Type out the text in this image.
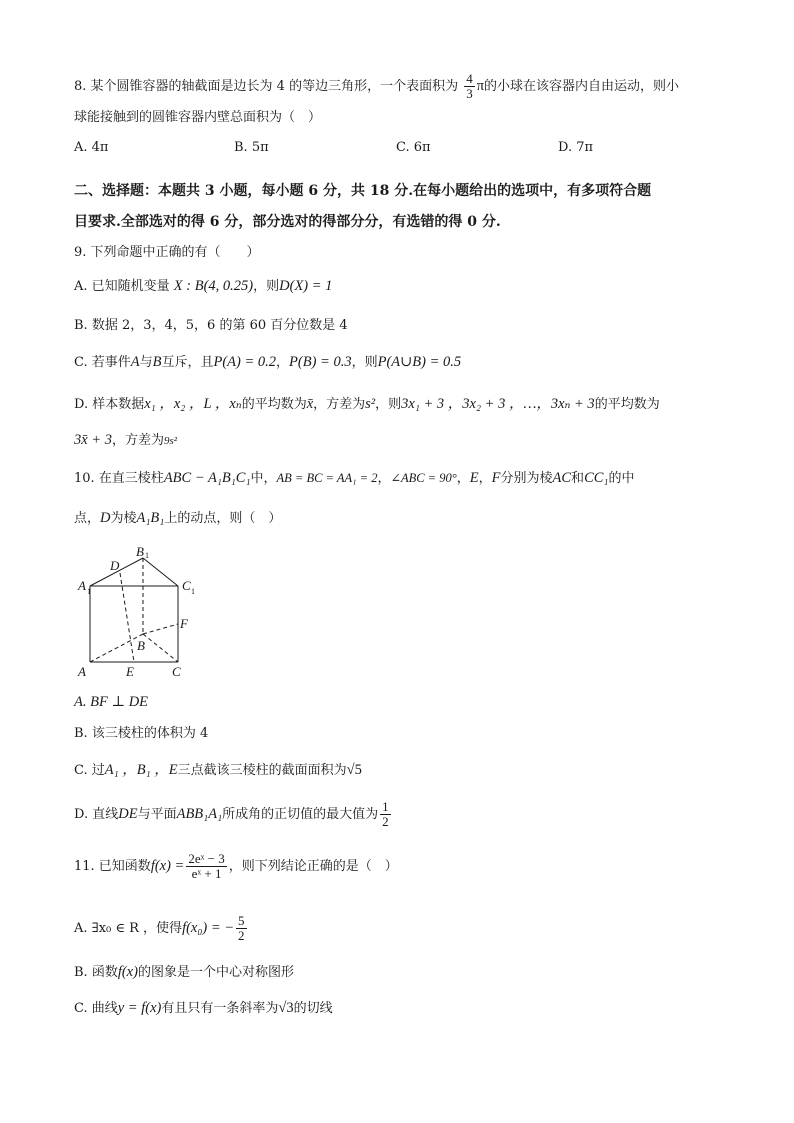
8. 某个圆锥容器的轴截面是边长为 4 的等边三角形，一个表面积为 $\frac{4}{3}$ π的小球在该容器内自由运动，则小
球能接触到的圆锥容器内壁总面积为（　）
A. 4π	B. 5π	C. 6π	D. 7π
二、选择题：本题共 3 小题，每小题 6 分，共 18 分.在每小题给出的选项中，有多项符合题
目要求.全部选对的得 6 分，部分选对的得部分分，有选错的得 0 分.
9. 下列命题中正确的有（　　）
A. 已知随机变量 X : B(4, 0.25)，则D(X) = 1
B. 数据 2，3，4，5，6 的第 60 百分位数是 4
C. 若事件A与B互斥，且P(A) = 0.2，P(B) = 0.3，则P(A∪B) = 0.5
D. 样本数据x₁ ，x₂ ，L ，xₙ的平均数为x̄，方差为s²，则3x₁ + 3 ，3x₂ + 3 ，…，3xₙ + 3的平均数为
3x̄ + 3，方差为9s²
10. 在直三棱柱ABC − A₁B₁C₁中，AB = BC = AA₁ = 2，∠ABC = 90°，E，F分别为棱AC和CC₁的中
点，D为棱A₁B₁上的动点，则（　）
A 1
B 1
C 1
D
F
B
A	E	C
A. BF ⊥ DE
B. 该三棱柱的体积为 4
C. 过A₁ ，B₁ ，E三点截该三棱柱的截面面积为√5
D. 直线DE与平面ABB₁A₁所成角的正切值的最大值为 $\frac{1}{2}$
11. 已知函数$f(x) = \frac{\text{2eˣ − 3}}{\text{eˣ + 1}}$ ，则下列结论正确的是（　）
A. ∃x₀ ∈ R ，使得f(x₀) = − $\frac{5}{2}$
B. 函数f(x)的图象是一个中心对称图形
C. 曲线y = f(x)有且只有一条斜率为√3的切线
